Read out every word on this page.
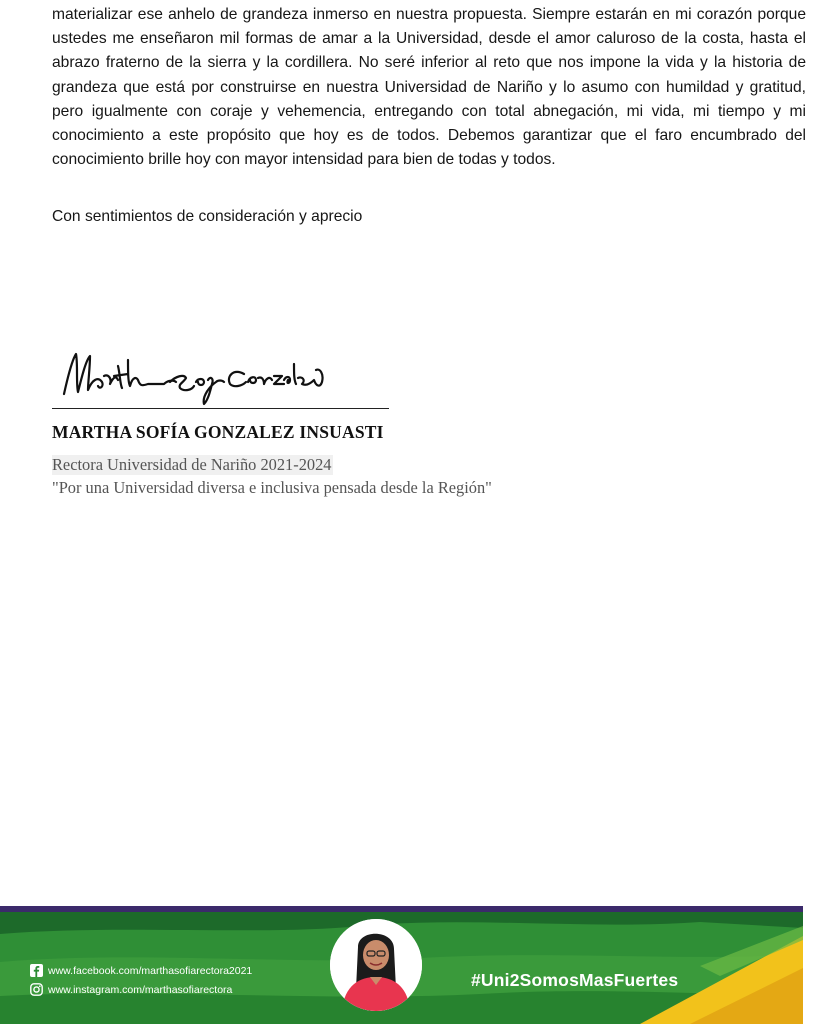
materializar ese anhelo de grandeza inmerso en nuestra propuesta. Siempre estarán en mi corazón porque ustedes me enseñaron mil formas de amar a la Universidad, desde el amor caluroso de la costa, hasta el abrazo fraterno de la sierra y la cordillera. No seré inferior al reto que nos impone la vida y la historia de grandeza que está por construirse en nuestra Universidad de Nariño y lo asumo con humildad y gratitud, pero igualmente con coraje y vehemencia, entregando con total abnegación, mi vida, mi tiempo y mi conocimiento a este propósito que hoy es de todos. Debemos garantizar que el faro encumbrado del conocimiento brille hoy con mayor intensidad para bien de todas y todos.

Con sentimientos de consideración y aprecio

MARTHA SOFÍA GONZALEZ INSUASTI

Rectora Universidad de Nariño 2021-2024

"Por una Universidad diversa e inclusiva pensada desde la Región"

www.facebook.com/marthasofiarectora2021
www.instagram.com/marthasofiarectora	#Uni2SomosMasFuertes
